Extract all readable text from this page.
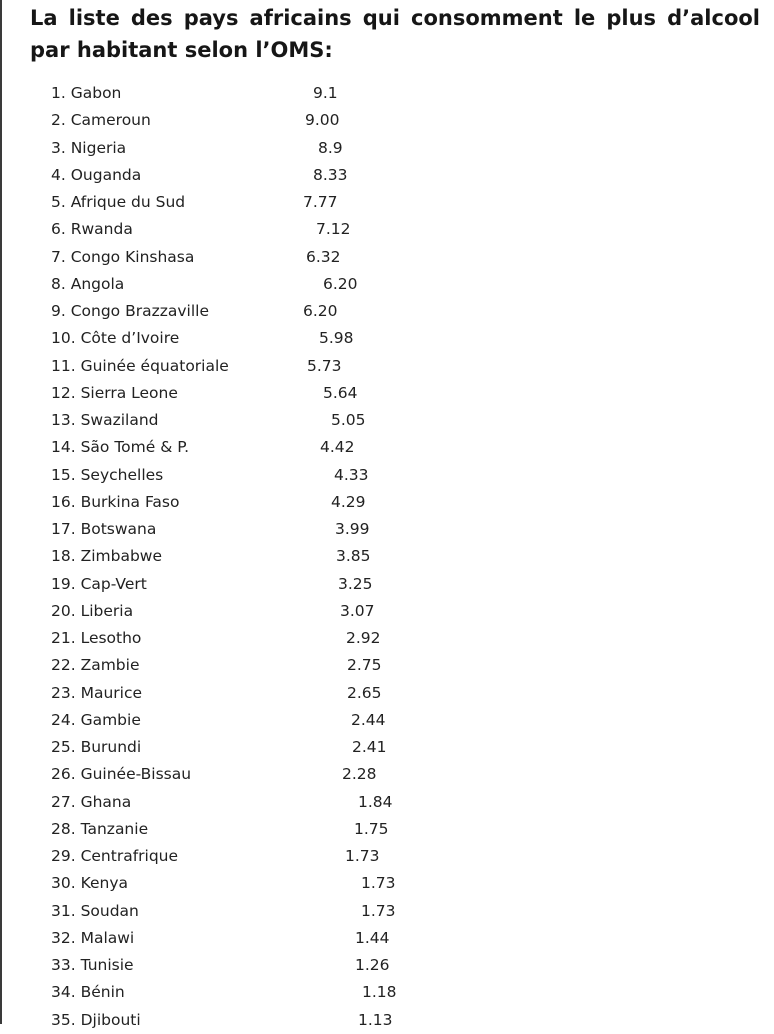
La liste des pays africains qui consomment le plus d’alcool par habitant selon l’OMS:
1. Gabon	9.1
2. Cameroun	9.00
3. Nigeria	8.9
4. Ouganda	8.33
5. Afrique du Sud	7.77
6. Rwanda	7.12
7. Congo Kinshasa	6.32
8. Angola	6.20
9. Congo Brazzaville	6.20
10. Côte d’Ivoire	5.98
11. Guinée équatoriale	5.73
12. Sierra Leone	5.64
13. Swaziland	5.05
14. São Tomé & P.	4.42
15. Seychelles	4.33
16. Burkina Faso	4.29
17. Botswana	3.99
18. Zimbabwe	3.85
19. Cap-Vert	3.25
20. Liberia	3.07
21. Lesotho	2.92
22. Zambie	2.75
23. Maurice	2.65
24. Gambie	2.44
25. Burundi	2.41
26. Guinée-Bissau	2.28
27. Ghana	1.84
28. Tanzanie	1.75
29. Centrafrique	1.73
30. Kenya	1.73
31. Soudan	1.73
32. Malawi	1.44
33. Tunisie	1.26
34. Bénin	1.18
35. Djibouti	1.13
